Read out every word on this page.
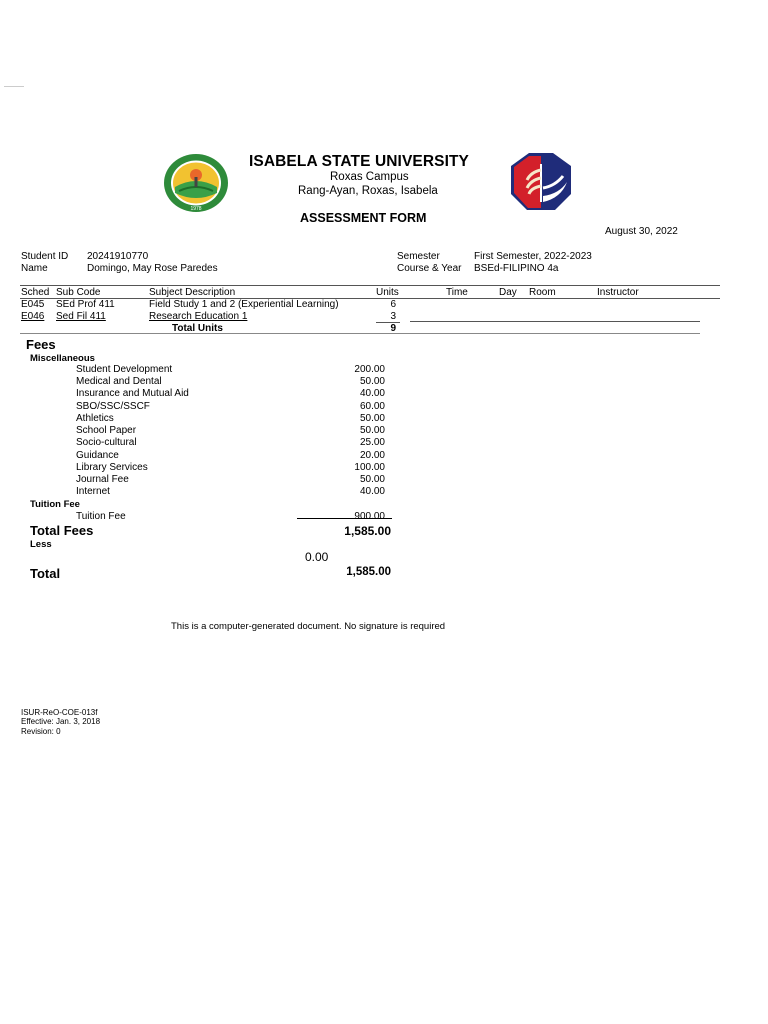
1978
ISABELA STATE UNIVERSITY
Roxas Campus
Rang-Ayan, Roxas, Isabela
ASSESSMENT FORM
August 30, 2022
Student ID 20241910770
Name	Domingo, May Rose Paredes
Semester	First Semester, 2022-2023
Course & Year BSEd-FILIPINO 4a
Sched Sub Code	Subject Description	Units	Time	Day Room	Instructor
E045 SEd Prof 411	Field Study 1 and 2 (Experiential Learning)	6
E046 Sed Fil 411	Research Education 1	3
Total Units	9
Fees
Miscellaneous
Student Development	200.00
Medical and Dental	50.00
Insurance and Mutual Aid	40.00
SBO/SSC/SSCF	60.00
Athletics	50.00
School Paper	50.00
Socio-cultural	25.00
Guidance	20.00
Library Services	100.00
Journal Fee	50.00
Internet	40.00
Tuition Fee
Tuition Fee	900.00
Total Fees	1,585.00
Less
0.00
Total	1,585.00
This is a computer-generated document. No signature is required
ISUR-ReO-COE-013f
Effective: Jan. 3, 2018
Revision: 0
